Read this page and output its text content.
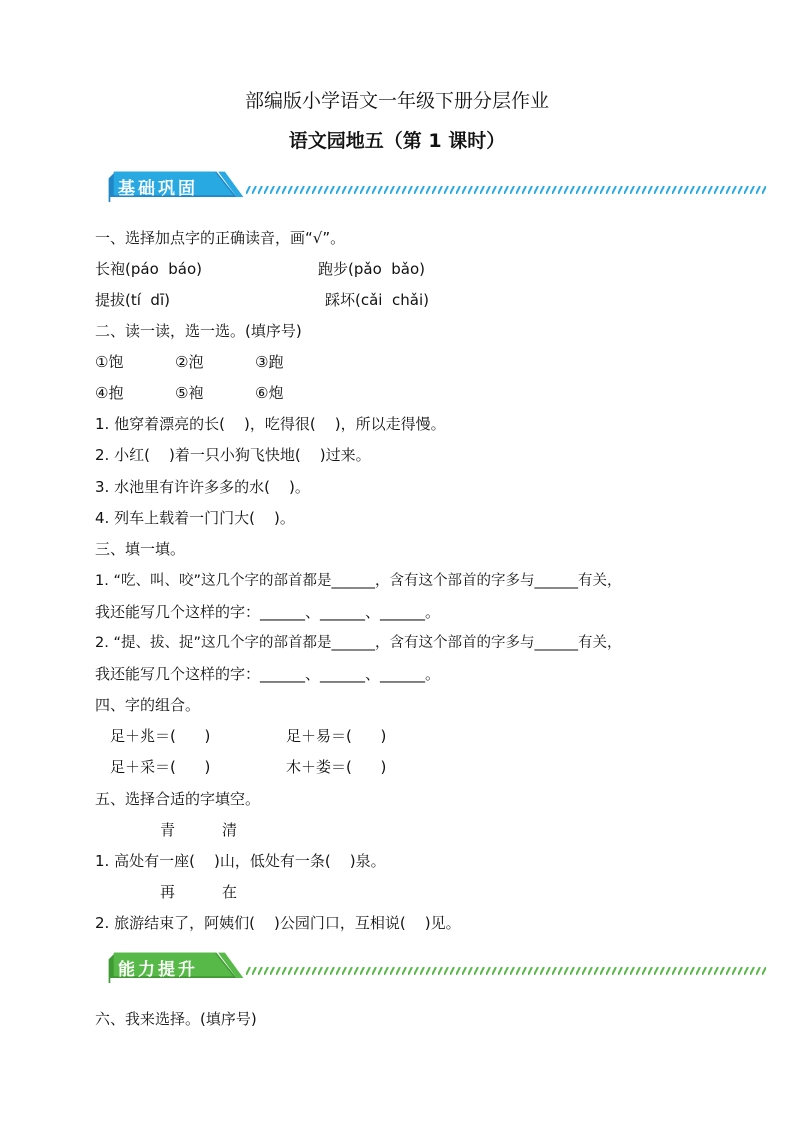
部编版小学语文一年级下册分层作业
语文园地五（第 1 课时）
基础巩固
一、选择加点字的正确读音，画“√”。
长袍(páo  báo)	跑步(pǎo  bǎo)
提拔(tí  dī)	踩坏(cǎi  chǎi)
二、读一读，选一选。(填序号)
①饱	②泡	③跑
④抱	⑤袍	⑥炮
1. 他穿着漂亮的长(    )，吃得很(    )，所以走得慢。
2. 小红(    )着一只小狗飞快地(    )过来。
3. 水池里有许许多多的水(    )。
4. 列车上载着一门门大(    )。
三、填一填。
1. “吃、叫、咬”这几个字的部首都是______，含有这个部首的字多与______有关，
我还能写几个这样的字：______、______、______。
2. “提、拔、捉”这几个字的部首都是______，含有这个部首的字多与______有关，
我还能写几个这样的字：______、______、______。
四、字的组合。
足＋兆＝(      )	足＋易＝(      )
足＋采＝(      )	木＋娄＝(      )
五、选择合适的字填空。
青	清
1. 高处有一座(    )山，低处有一条(    )泉。
再	在
2. 旅游结束了，阿姨们(    )公园门口，互相说(    )见。
能力提升
六、我来选择。(填序号)
